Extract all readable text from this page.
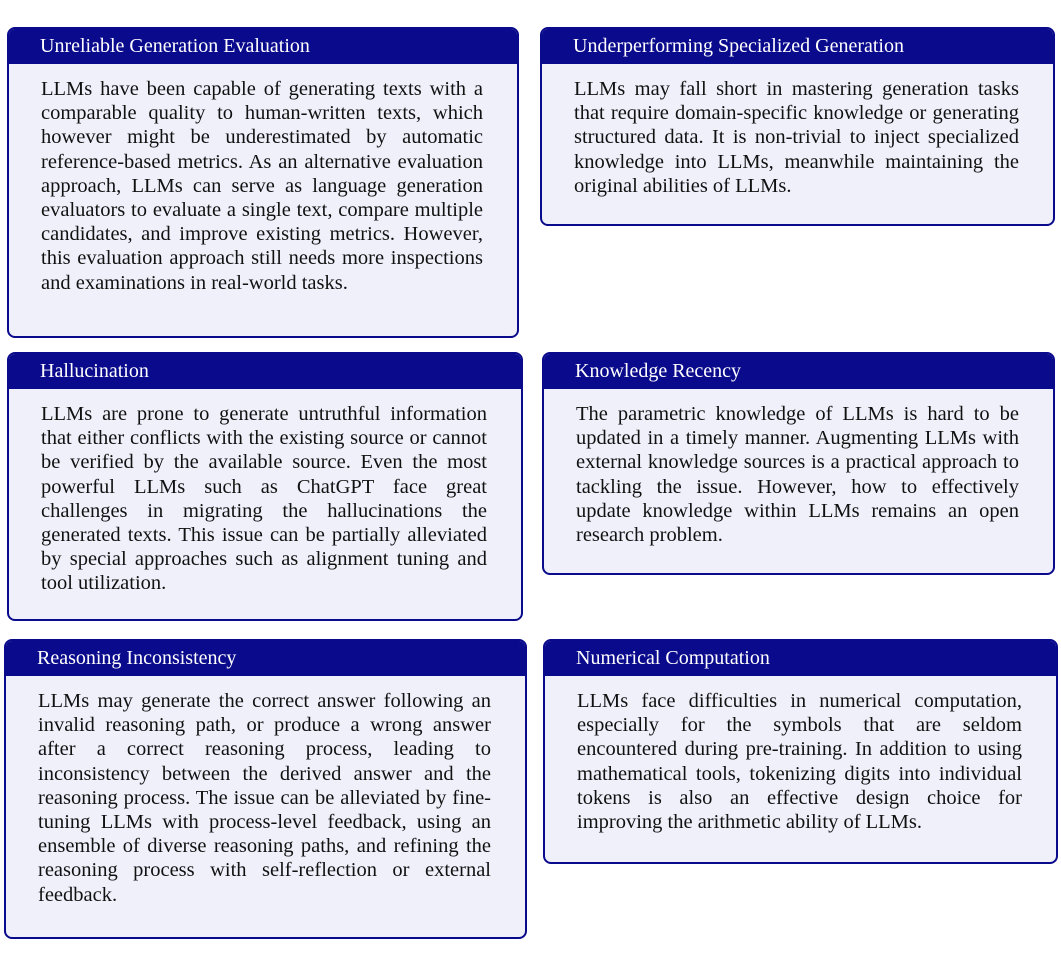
Unreliable Generation Evaluation
LLMs have been capable of generating texts with a comparable quality to human-written texts, which however might be underestimated by automatic reference-based metrics. As an alternative evaluation approach, LLMs can serve as language generation evaluators to evaluate a single text, compare multiple candidates, and improve existing metrics. However, this evaluation approach still needs more inspections and examinations in real-world tasks.
Underperforming Specialized Generation
LLMs may fall short in mastering generation tasks that require domain-specific knowledge or generating structured data. It is non-trivial to inject specialized knowledge into LLMs, meanwhile maintaining the original abilities of LLMs.
Hallucination
LLMs are prone to generate untruthful information that either conflicts with the existing source or cannot be verified by the available source. Even the most powerful LLMs such as ChatGPT face great challenges in migrating the hallucinations the generated texts. This issue can be partially alleviated by special approaches such as alignment tuning and tool utilization.
Knowledge Recency
The parametric knowledge of LLMs is hard to be updated in a timely manner. Augmenting LLMs with external knowledge sources is a practical approach to tackling the issue. However, how to effectively update knowledge within LLMs remains an open research problem.
Reasoning Inconsistency
LLMs may generate the correct answer following an invalid reasoning path, or produce a wrong answer after a correct reasoning process, leading to inconsistency between the derived answer and the reasoning process. The issue can be alleviated by fine-tuning LLMs with process-level feedback, using an ensemble of diverse reasoning paths, and refining the reasoning process with self-reflection or external feedback.
Numerical Computation
LLMs face difficulties in numerical computation, especially for the symbols that are seldom encountered during pre-training. In addition to using mathematical tools, tokenizing digits into individual tokens is also an effective design choice for improving the arithmetic ability of LLMs.
